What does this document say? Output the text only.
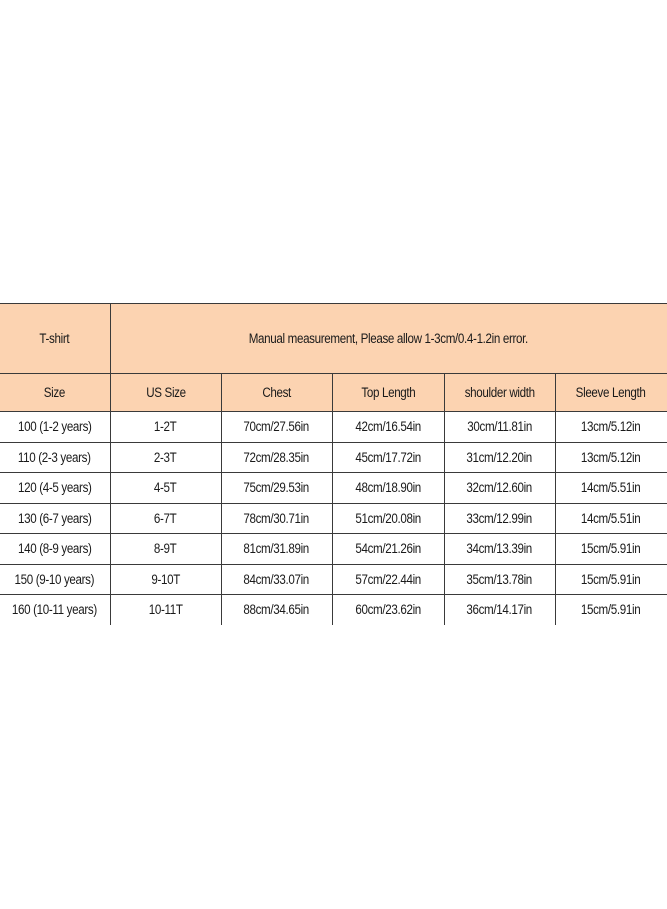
T-shirt	Manual measurement, Please allow 1-3cm/0.4-1.2in error.				
Size	US Size	Chest	Top Length	shoulder width	Sleeve Length
100 (1-2 years)	1-2T	70cm/27.56in	42cm/16.54in	30cm/11.81in	13cm/5.12in
110 (2-3 years)	2-3T	72cm/28.35in	45cm/17.72in	31cm/12.20in	13cm/5.12in
120 (4-5 years)	4-5T	75cm/29.53in	48cm/18.90in	32cm/12.60in	14cm/5.51in
130 (6-7 years)	6-7T	78cm/30.71in	51cm/20.08in	33cm/12.99in	14cm/5.51in
140 (8-9 years)	8-9T	81cm/31.89in	54cm/21.26in	34cm/13.39in	15cm/5.91in
150 (9-10 years)	9-10T	84cm/33.07in	57cm/22.44in	35cm/13.78in	15cm/5.91in
160 (10-11 years)	10-11T	88cm/34.65in	60cm/23.62in	36cm/14.17in	15cm/5.91in
